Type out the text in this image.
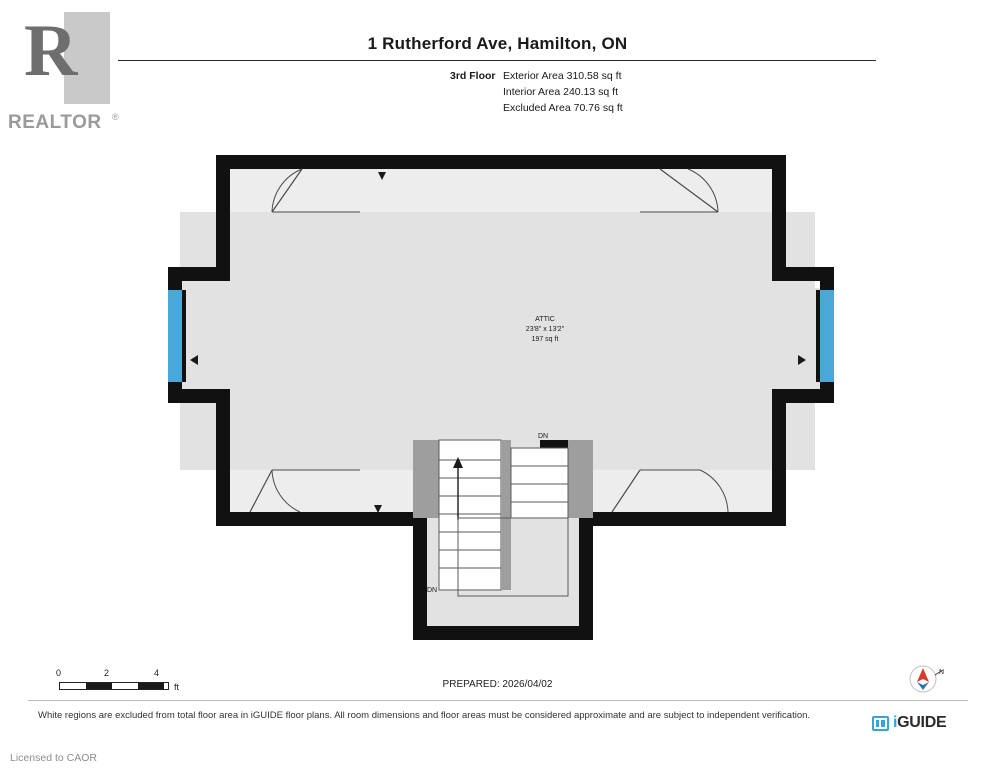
R
REALTOR ®
1 Rutherford Ave, Hamilton, ON
3rd Floor Exterior Area 310.58 sq ft
Interior Area 240.13 sq ft
Excluded Area 70.76 sq ft
ATTIC
23'8" x 13'2"
197 sq ft
DN
DN
0	2	4
ft
N
PREPARED: 2026/04/02
White regions are excluded from total floor area in iGUIDE floor plans. All room dimensions and floor areas must be considered approximate and are subject to independent verification.	iGUIDE
Licensed to CAOR
